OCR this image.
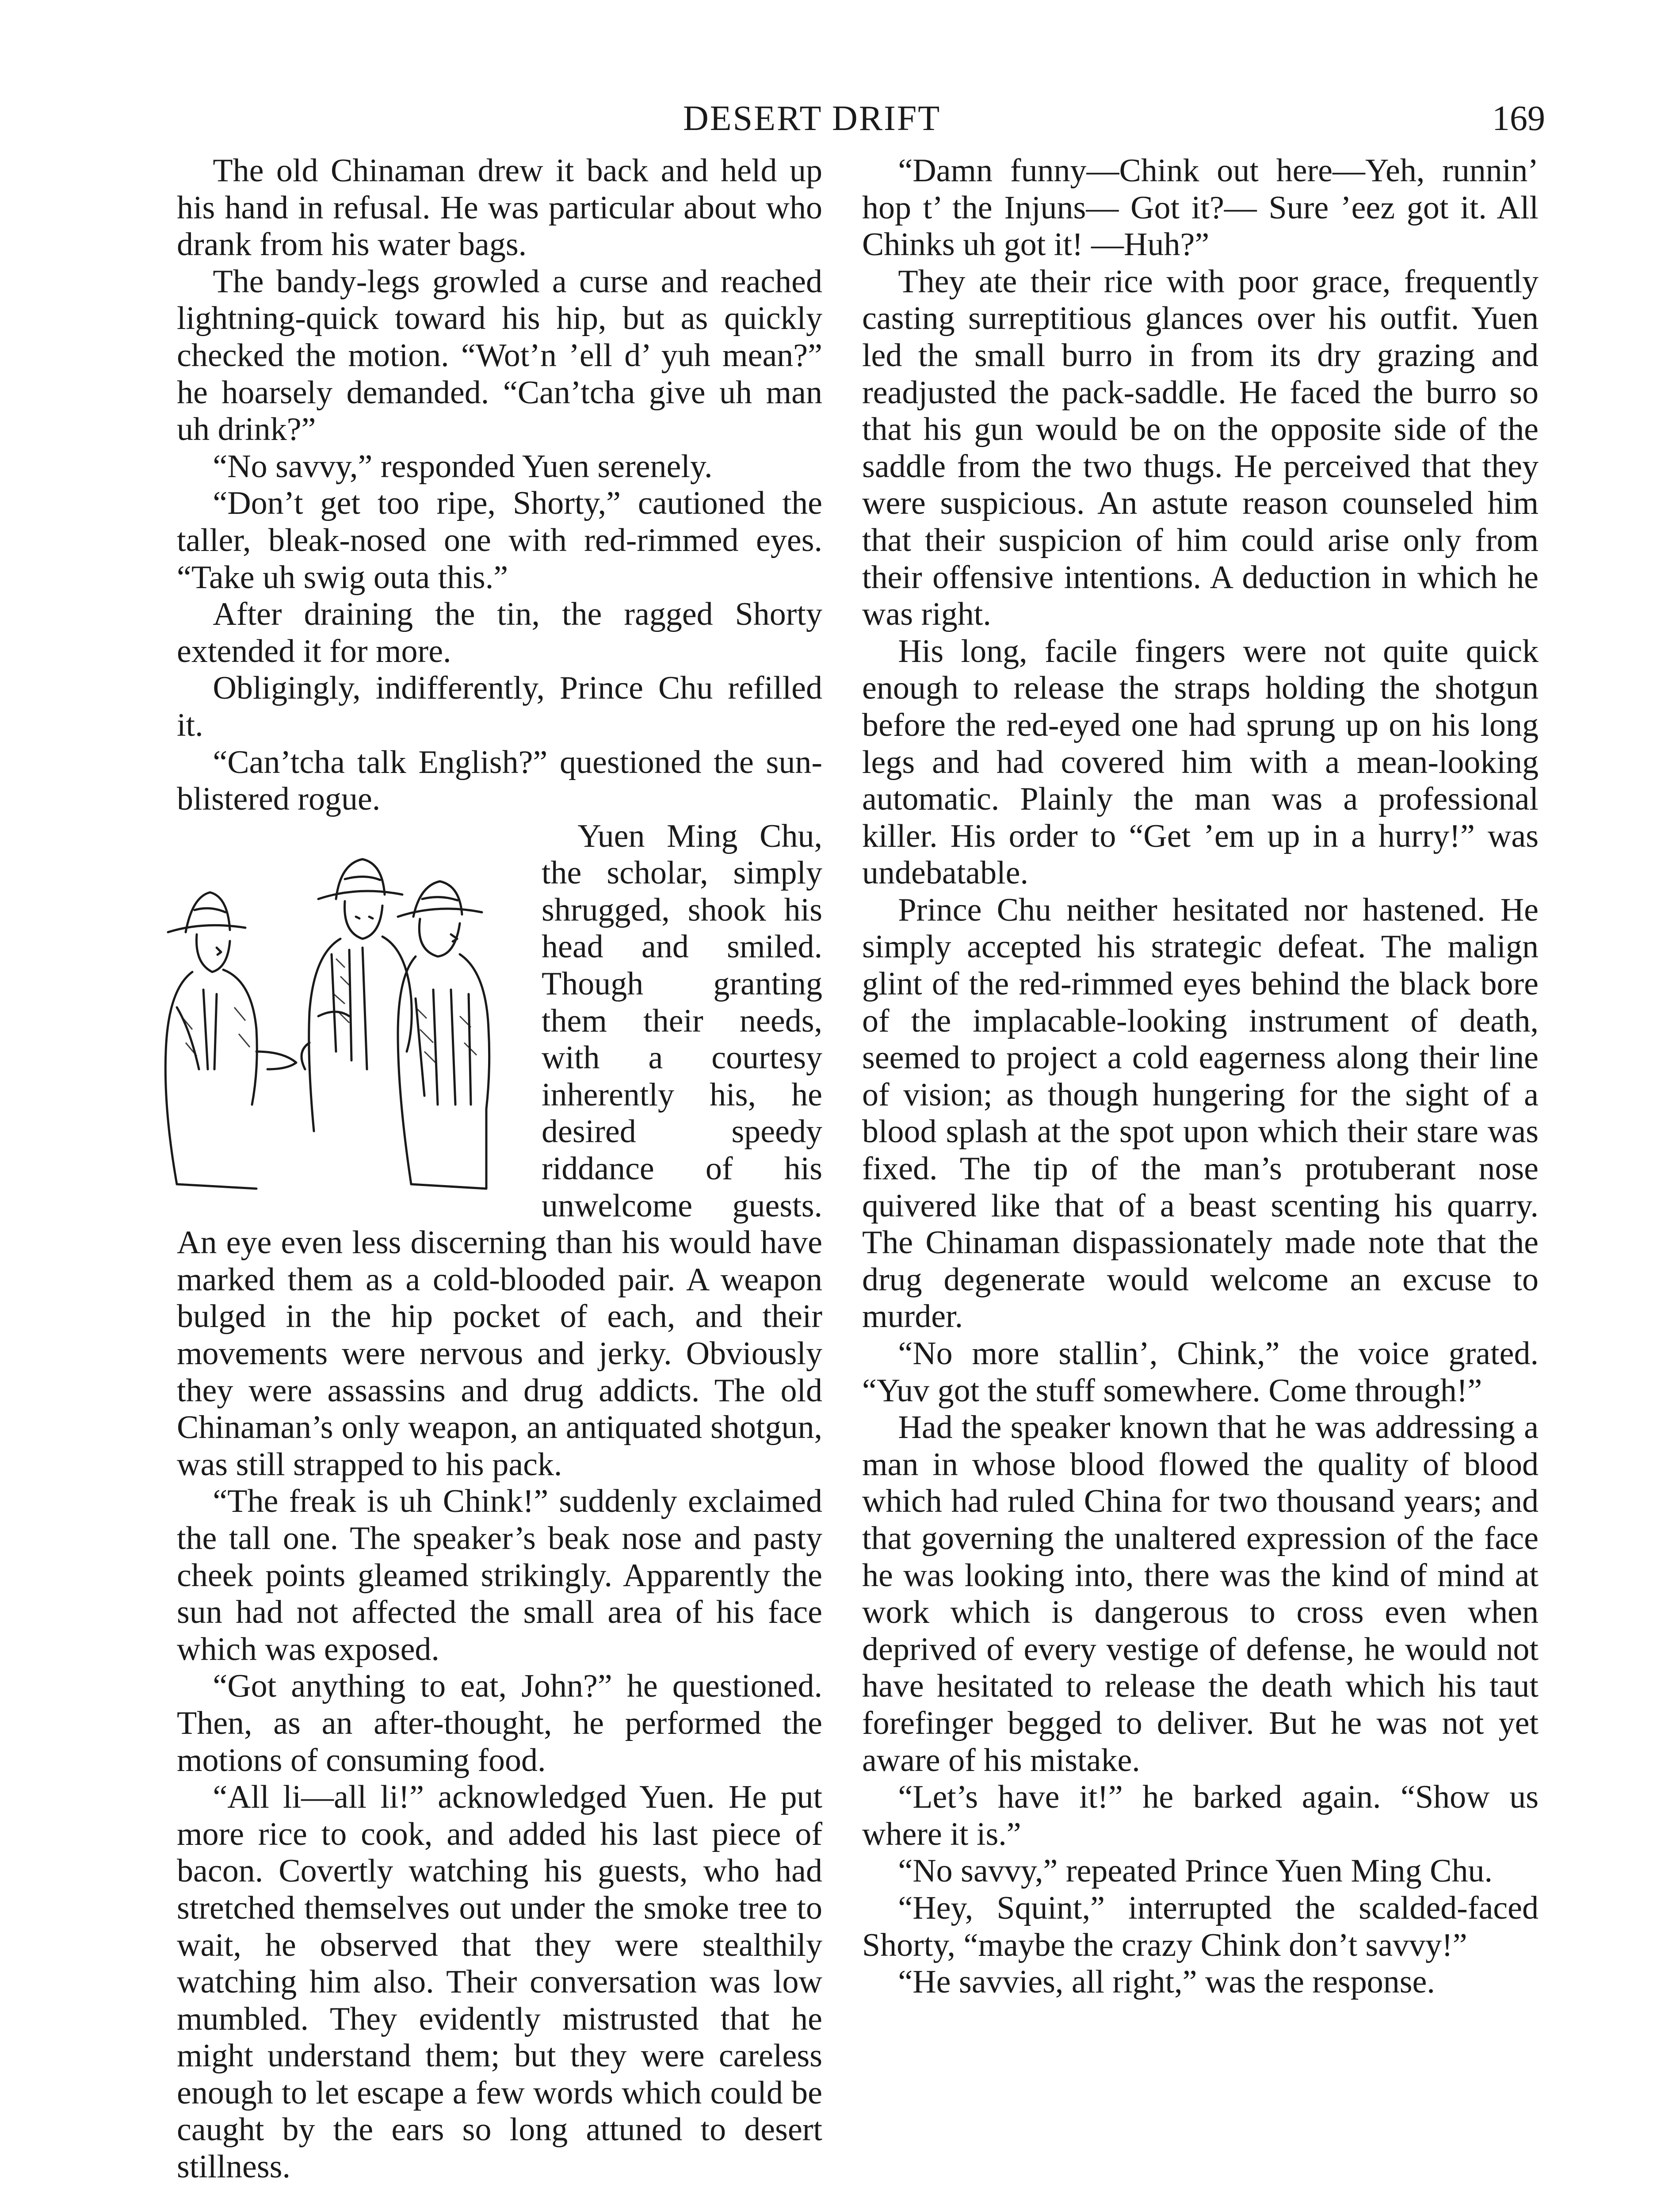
DESERT DRIFT	169

The old Chinaman drew it back and held up his hand in refusal. He was particular about who drank from his water bags.

The bandy-legs growled a curse and reached lightning-quick toward his hip, but as quickly checked the motion. “Wot’n ’ell d’ yuh mean?” he hoarsely demanded. “Can’tcha give uh man uh drink?”

“No savvy,” responded Yuen serenely.

“Don’t get too ripe, Shorty,” cautioned the taller, bleak-nosed one with red-rimmed eyes. “Take uh swig outa this.”

After draining the tin, the ragged Shorty extended it for more.

Obligingly, indifferently, Prince Chu refilled it.

“Can’tcha talk English?” questioned the sun-blistered rogue.

Yuen Ming Chu, the scholar, simply shrugged, shook his head and smiled. Though granting them their needs, with a courtesy inherently his, he desired speedy riddance of his unwelcome guests. An eye even less discerning than his would have marked them as a cold-blooded pair. A weapon bulged in the hip pocket of each, and their movements were nervous and jerky. Obviously they were assassins and drug addicts. The old Chinaman’s only weapon, an antiquated shotgun, was still strapped to his pack.

“The freak is uh Chink!” suddenly exclaimed the tall one. The speaker’s beak nose and pasty cheek points gleamed strikingly. Apparently the sun had not affected the small area of his face which was exposed.

“Got anything to eat, John?” he questioned. Then, as an after-thought, he performed the motions of consuming food.

“All li—all li!” acknowledged Yuen. He put more rice to cook, and added his last piece of bacon. Covertly watching his guests, who had stretched themselves out under the smoke tree to wait, he observed that they were stealthily watching him also. Their conversation was low mumbled. They evidently mistrusted that he might understand them; but they were careless enough to let escape a few words which could be caught by the ears so long attuned to desert stillness.

“Damn funny—Chink out here—Yeh, runnin’ hop t’ the Injuns— Got it?— Sure ’eez got it. All Chinks uh got it! —Huh?”

They ate their rice with poor grace, frequently casting surreptitious glances over his outfit. Yuen led the small burro in from its dry grazing and readjusted the pack-saddle. He faced the burro so that his gun would be on the opposite side of the saddle from the two thugs. He perceived that they were suspicious. An astute reason counseled him that their suspicion of him could arise only from their offensive intentions. A deduction in which he was right.

His long, facile fingers were not quite quick enough to release the straps holding the shotgun before the red-eyed one had sprung up on his long legs and had covered him with a mean-looking automatic. Plainly the man was a professional killer. His order to “Get ’em up in a hurry!” was undebatable.

Prince Chu neither hesitated nor hastened. He simply accepted his strategic defeat. The malign glint of the red-rimmed eyes behind the black bore of the implacable-looking instrument of death, seemed to project a cold eagerness along their line of vision; as though hungering for the sight of a blood splash at the spot upon which their stare was fixed. The tip of the man’s protuberant nose quivered like that of a beast scenting his quarry. The Chinaman dispassionately made note that the drug degenerate would welcome an excuse to murder.

“No more stallin’, Chink,” the voice grated. “Yuv got the stuff somewhere. Come through!”

Had the speaker known that he was addressing a man in whose blood flowed the quality of blood which had ruled China for two thousand years; and that governing the unaltered expression of the face he was looking into, there was the kind of mind at work which is dangerous to cross even when deprived of every vestige of defense, he would not have hesitated to release the death which his taut forefinger begged to deliver. But he was not yet aware of his mistake.

“Let’s have it!” he barked again. “Show us where it is.”

“No savvy,” repeated Prince Yuen Ming Chu.

“Hey, Squint,” interrupted the scalded-faced Shorty, “maybe the crazy Chink don’t savvy!”

“He savvies, all right,” was the response.
